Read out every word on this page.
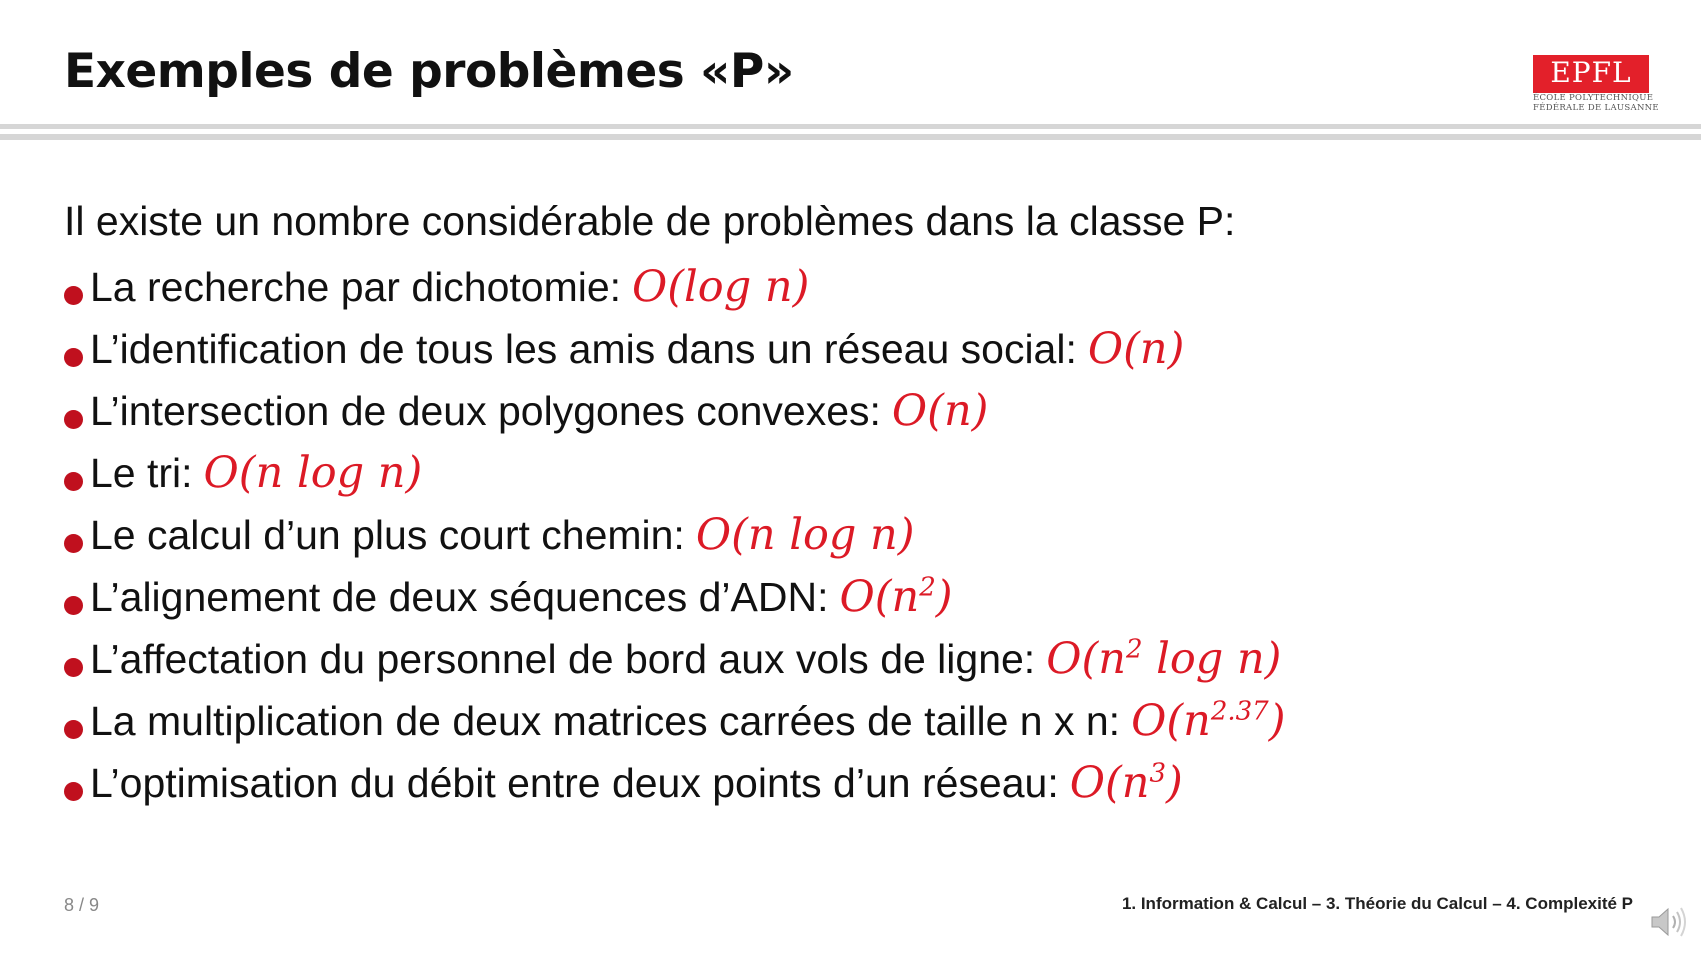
Exemples de problèmes «P»	EPFL
ÉCOLE POLYTECHNIQUE
FÉDÉRALE DE LAUSANNE

Il existe un nombre considérable de problèmes dans la classe P:

La recherche par dichotomie: O(log n)
L’identification de tous les amis dans un réseau social: O(n)
L’intersection de deux polygones convexes: O(n)
Le tri: O(n log n)
Le calcul d’un plus court chemin: O(n log n)
L’alignement de deux séquences d’ADN: $O(n^2)$
L’affectation du personnel de bord aux vols de ligne: $O(n^2$ log n)
La multiplication de deux matrices carrées de taille n x n: $O(n^{2.37})$
L’optimisation du débit entre deux points d’un réseau: $O(n^3)$
8 / 9	1. Information & Calcul – 3. Théorie du Calcul – 4. Complexité P
